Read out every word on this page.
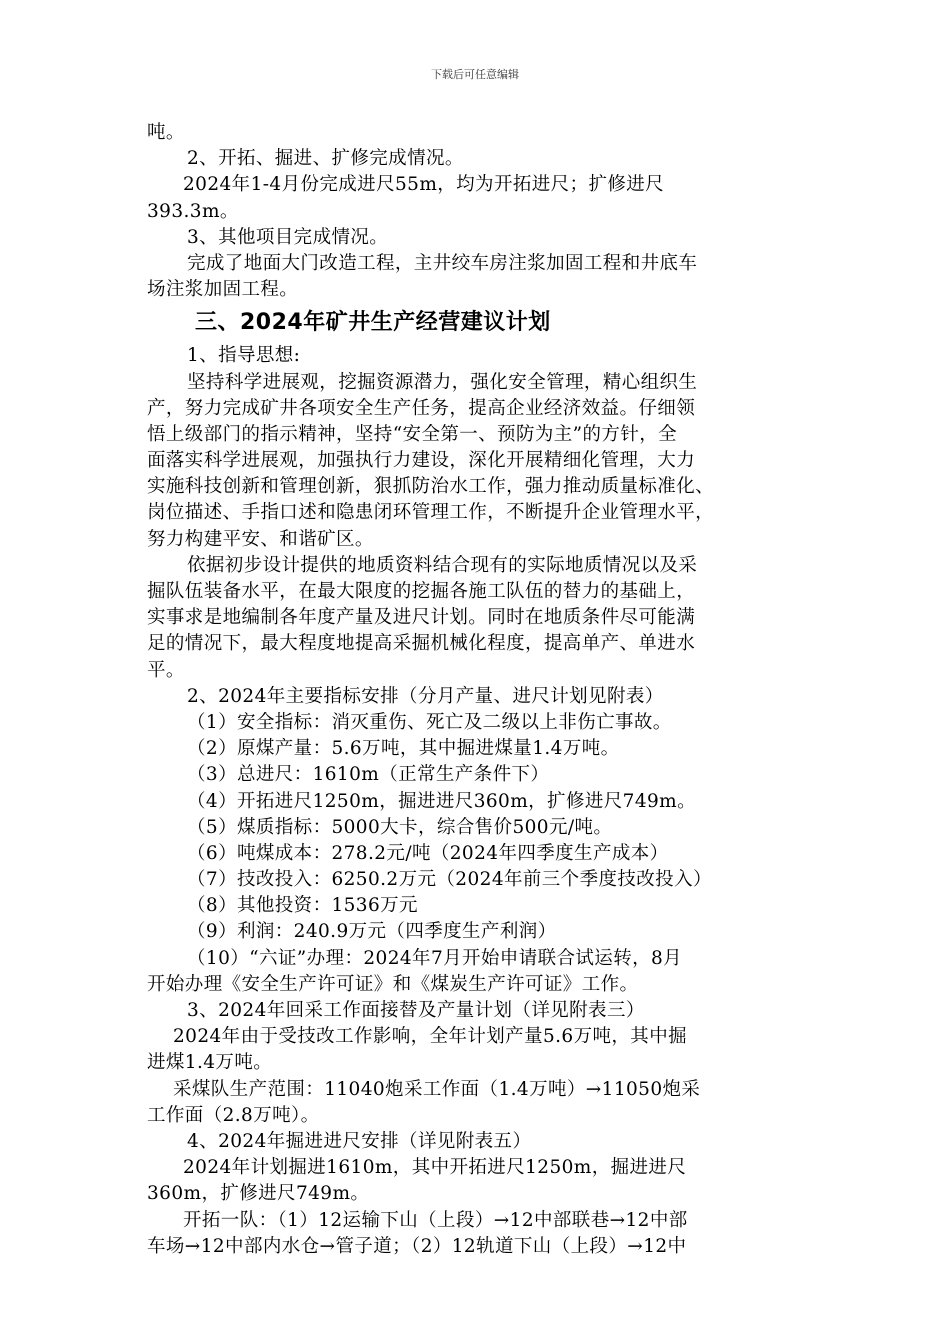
下载后可任意编辑
吨。
2、开拓、掘进、扩修完成情况。
2024年1-4月份完成进尺55m，均为开拓进尺；扩修进尺
393.3m。
3、其他项目完成情况。
完成了地面大门改造工程，主井绞车房注浆加固工程和井底车
场注浆加固工程。
三、2024年矿井生产经营建议计划
1、指导思想:
坚持科学进展观，挖掘资源潜力，强化安全管理，精心组织生
产，努力完成矿井各项安全生产任务，提高企业经济效益。仔细领
悟上级部门的指示精神，坚持“安全第一、预防为主”的方针，全
面落实科学进展观，加强执行力建设，深化开展精细化管理，大力
实施科技创新和管理创新，狠抓防治水工作，强力推动质量标准化、
岗位描述、手指口述和隐患闭环管理工作，不断提升企业管理水平，
努力构建平安、和谐矿区。
依据初步设计提供的地质资料结合现有的实际地质情况以及采
掘队伍装备水平，在最大限度的挖掘各施工队伍的替力的基础上，
实事求是地编制各年度产量及进尺计划。同时在地质条件尽可能满
足的情况下，最大程度地提高采掘机械化程度，提高单产、单进水
平。
2、2024年主要指标安排（分月产量、进尺计划见附表）
（1）安全指标：消灭重伤、死亡及二级以上非伤亡事故。
（2）原煤产量：5.6万吨，其中掘进煤量1.4万吨。
（3）总进尺：1610m（正常生产条件下）
（4）开拓进尺1250m，掘进进尺360m，扩修进尺749m。
（5）煤质指标：5000大卡，综合售价500元/吨。
（6）吨煤成本：278.2元/吨（2024年四季度生产成本）
（7）技改投入：6250.2万元（2024年前三个季度技改投入）
（8）其他投资：1536万元
（9）利润：240.9万元（四季度生产利润）
（10）“六证”办理：2024年7月开始申请联合试运转，8月
开始办理《安全生产许可证》和《煤炭生产许可证》工作。
3、2024年回采工作面接替及产量计划（详见附表三）
2024年由于受技改工作影响，全年计划产量5.6万吨，其中掘
进煤1.4万吨。
采煤队生产范围：11040炮采工作面（1.4万吨）→11050炮采
工作面（2.8万吨）。
4、2024年掘进进尺安排（详见附表五）
2024年计划掘进1610m，其中开拓进尺1250m，掘进进尺
360m，扩修进尺749m。
开拓一队：（1）12运输下山（上段）→12中部联巷→12中部
车场→12中部内水仓→管子道；（2）12轨道下山（上段）→12中
